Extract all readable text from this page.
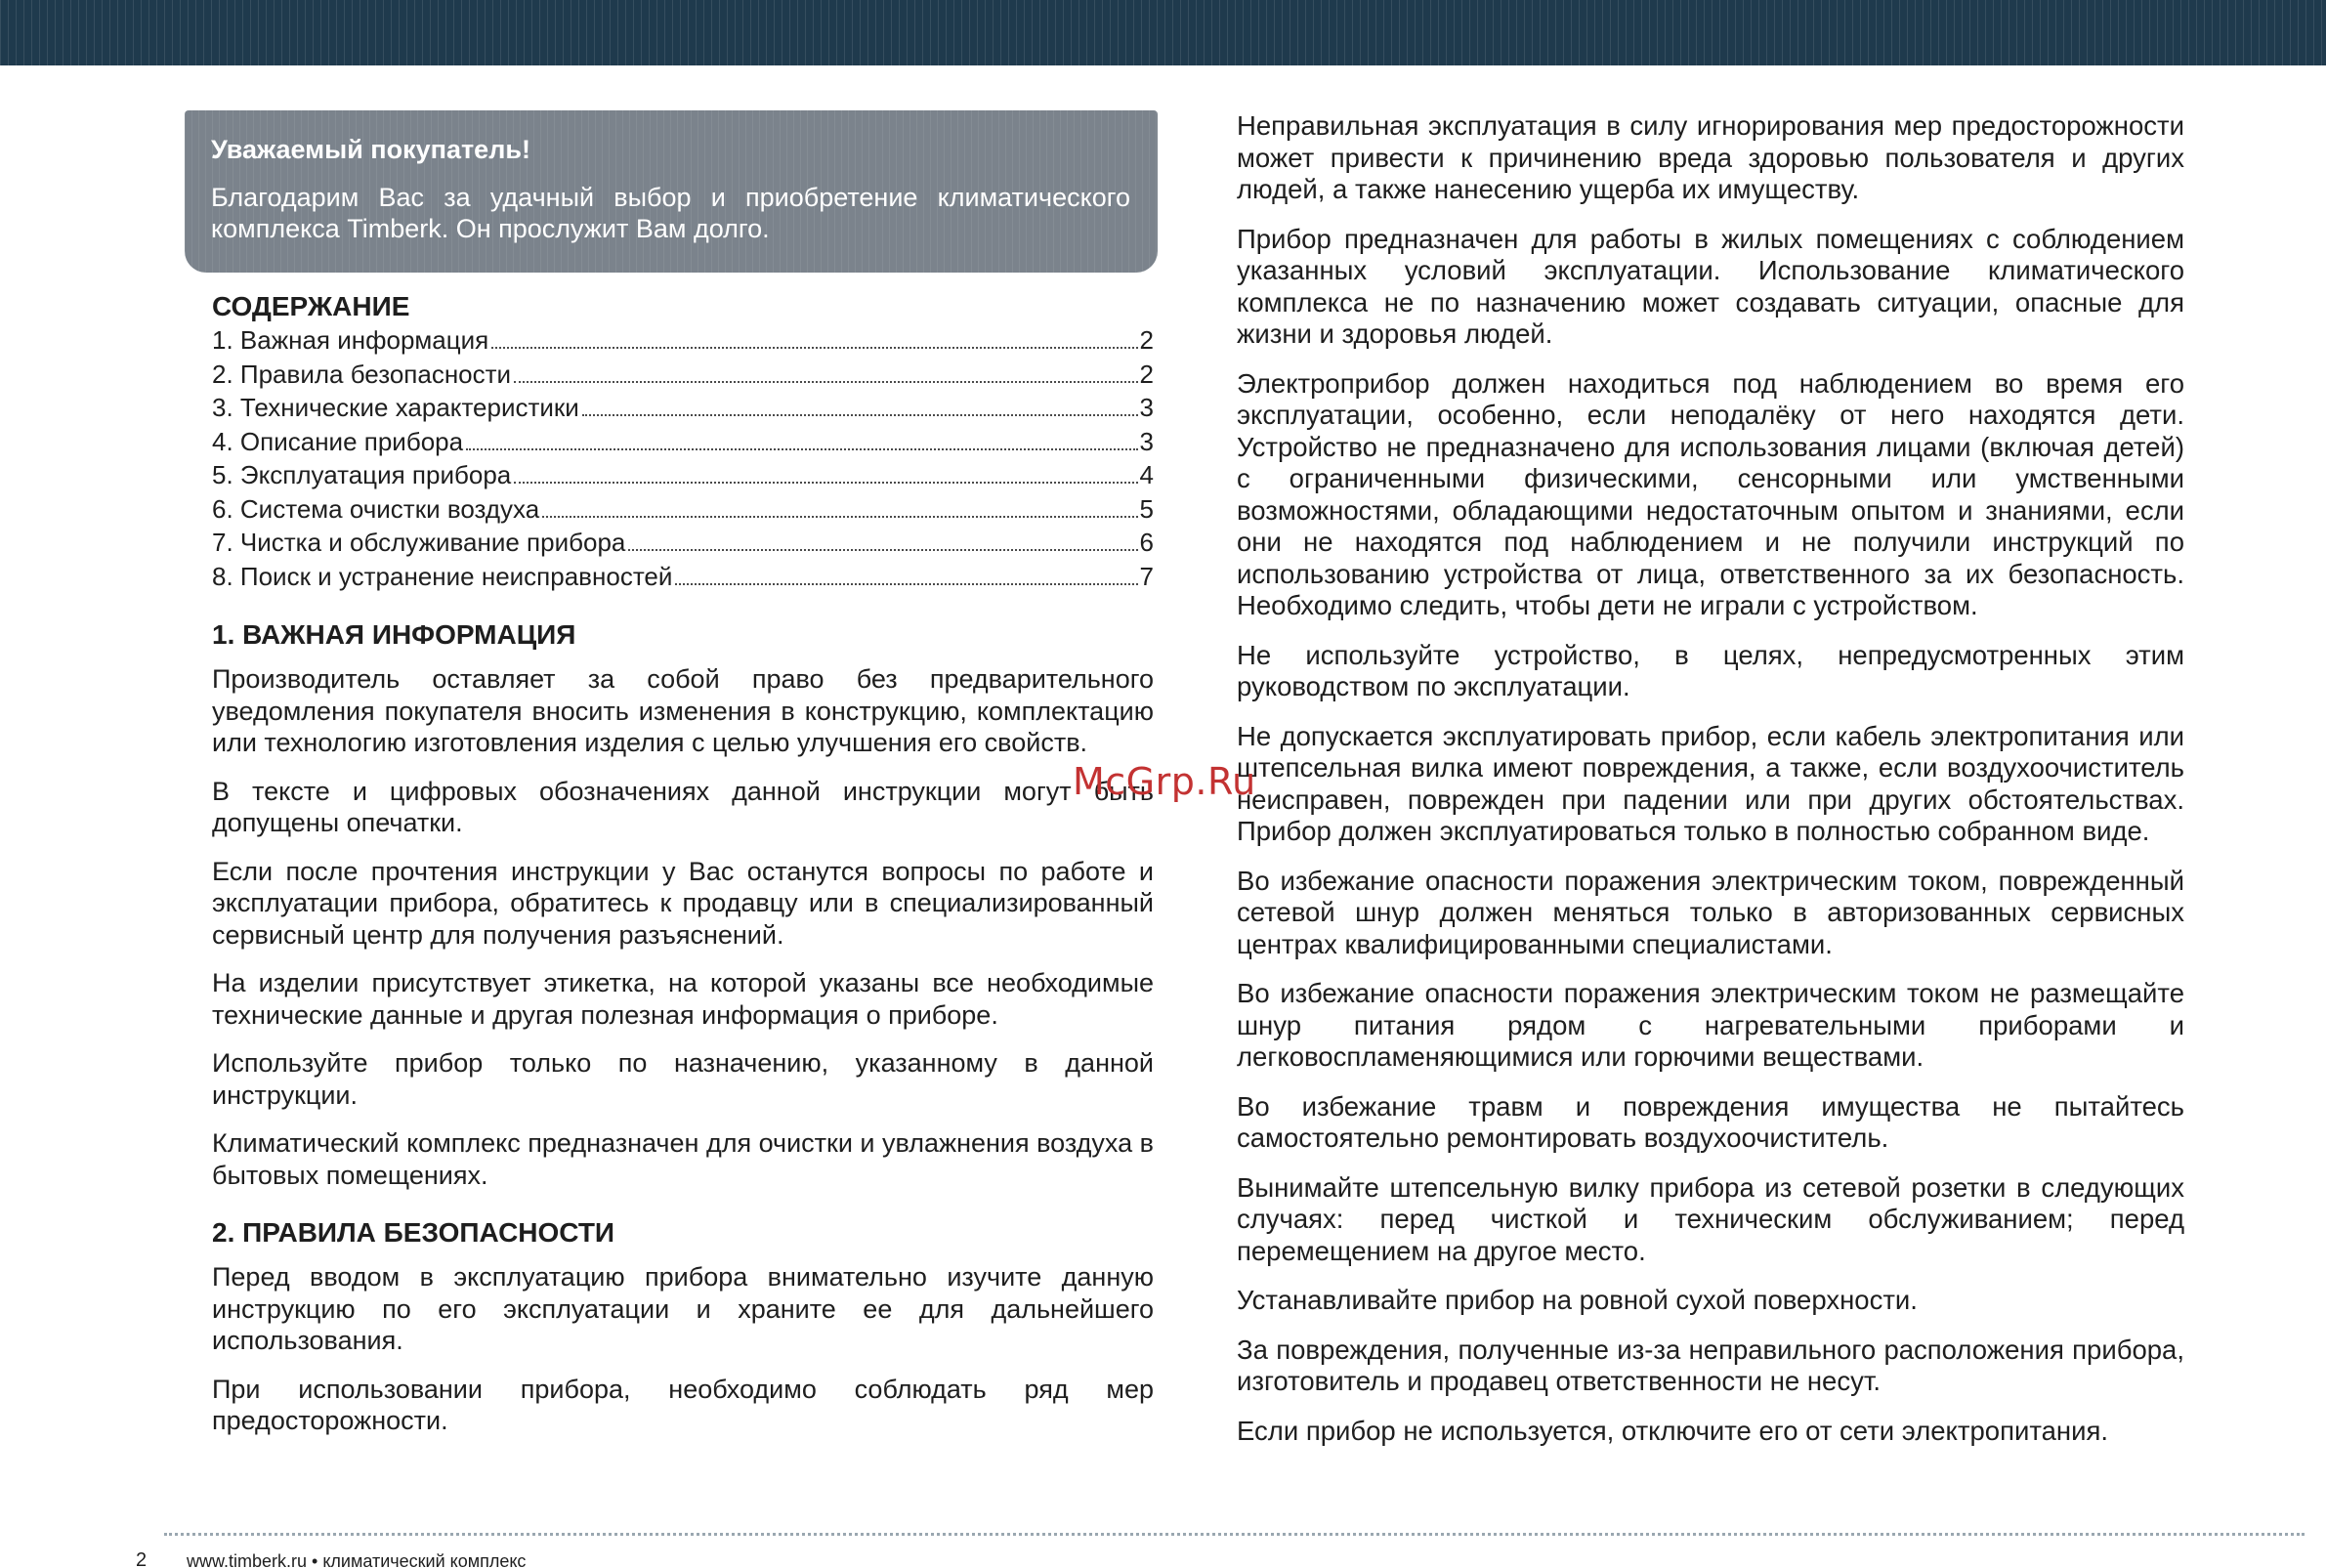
Уважаемый покупатель!
Благодарим Вас за удачный выбор и приобретение климатического комплекса Timberk. Он прослужит Вам долго.
СОДЕРЖАНИЕ
1. Важная информация	2
2. Правила безопасности	2
3. Технические характеристики	3
4. Описание прибора	3
5. Эксплуатация прибора	4
6. Система очистки воздуха	5
7. Чистка и обслуживание прибора	6
8. Поиск и устранение неисправностей	7
1. ВАЖНАЯ ИНФОРМАЦИЯ

Производитель оставляет за собой право без предварительного уведомления покупателя вносить изменения в конструкцию, комплектацию или технологию изготовления изделия с целью улучшения его свойств.

В тексте и цифровых обозначениях данной инструкции могут быть допущены опечатки.

Если после прочтения инструкции у Вас останутся вопросы по работе и эксплуатации прибора, обратитесь к продавцу или в специализированный сервисный центр для получения разъяснений.

На изделии присутствует этикетка, на которой указаны все необходимые технические данные и другая полезная информация о приборе.

Используйте прибор только по назначению, указанному в данной инструкции.

Климатический комплекс предназначен для очистки и увлажнения воздуха в бытовых помещениях.

2. ПРАВИЛА БЕЗОПАСНОСТИ

Перед вводом в эксплуатацию прибора внимательно изучите данную инструкцию по его эксплуатации и храните ее для дальнейшего использования.

При использовании прибора, необходимо соблюдать ряд мер предосторожности.

Неправильная эксплуатация в силу игнорирования мер предосторожности может привести к причинению вреда здоровью пользователя и других людей, а также нанесению ущерба их имуществу.

Прибор предназначен для работы в жилых помещениях с соблюдением указанных условий эксплуатации. Использование климатического комплекса не по назначению может создавать ситуации, опасные для жизни и здоровья людей.

Электроприбор должен находиться под наблюдением во время его эксплуатации, особенно, если неподалёку от него находятся дети. Устройство не предназначено для использования лицами (включая детей) с ограниченными физическими, сенсорными или умственными возможностями, обладающими недостаточным опытом и знаниями, если они не находятся под наблюдением и не получили инструкций по использованию устройства от лица, ответственного за их безопасность. Необходимо следить, чтобы дети не играли с устройством.

Не используйте устройство, в целях, непредусмотренных этим руководством по эксплуатации.

Не допускается эксплуатировать прибор, если кабель электропитания или штепсельная вилка имеют повреждения, а также, если воздухоочиститель неисправен, поврежден при падении или при других обстоятельствах. Прибор должен эксплуатироваться только в полностью собранном виде.

Во избежание опасности поражения электрическим током, поврежденный сетевой шнур должен меняться только в авторизованных сервисных центрах квалифицированными специалистами.

Во избежание опасности поражения электрическим током не размещайте шнур питания рядом с нагревательными приборами и легковоспламеняющимися или горючими веществами.

Во избежание травм и повреждения имущества не пытайтесь самостоятельно ремонтировать воздухоочиститель.

Вынимайте штепсельную вилку прибора из сетевой розетки в следующих случаях: перед чисткой и техническим обслуживанием; перед перемещением на другое место.

Устанавливайте прибор на ровной сухой поверхности.

За повреждения, полученные из-за неправильного расположения прибора, изготовитель и продавец ответственности не несут.

Если прибор не используется, отключите его от сети электропитания.

McGrp.Ru
2 www.timberk.ru • климатический комплекс
